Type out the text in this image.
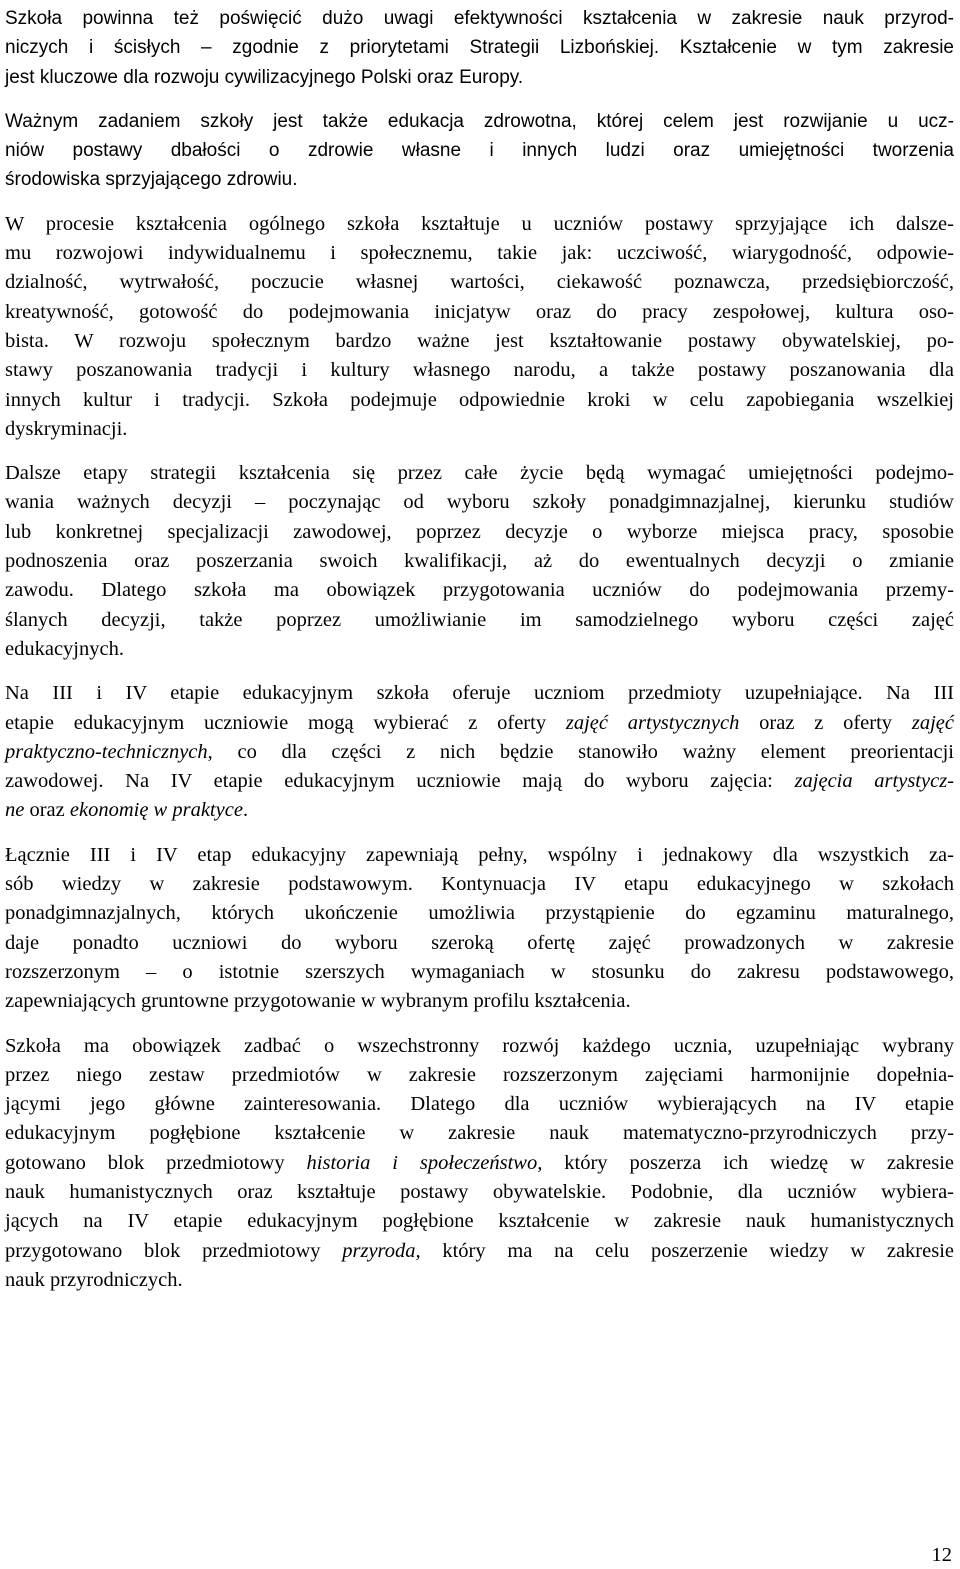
Szkoła powinna też poświęcić dużo uwagi efektywności kształcenia w zakresie nauk przyrod-
niczych i ścisłych – zgodnie z priorytetami Strategii Lizbońskiej. Kształcenie w tym zakresie
jest kluczowe dla rozwoju cywilizacyjnego Polski oraz Europy.

Ważnym zadaniem szkoły jest także edukacja zdrowotna, której celem jest rozwijanie u ucz-
niów postawy dbałości o zdrowie własne i innych ludzi oraz umiejętności tworzenia
środowiska sprzyjającego zdrowiu.

W procesie kształcenia ogólnego szkoła kształtuje u uczniów postawy sprzyjające ich dalsze-
mu rozwojowi indywidualnemu i społecznemu, takie jak: uczciwość, wiarygodność, odpowie-
dzialność, wytrwałość, poczucie własnej wartości, ciekawość poznawcza, przedsiębiorczość,
kreatywność, gotowość do podejmowania inicjatyw oraz do pracy zespołowej, kultura oso-
bista. W rozwoju społecznym bardzo ważne jest kształtowanie postawy obywatelskiej, po-
stawy poszanowania tradycji i kultury własnego narodu, a także postawy poszanowania dla
innych kultur i tradycji. Szkoła podejmuje odpowiednie kroki w celu zapobiegania wszelkiej
dyskryminacji.

Dalsze etapy strategii kształcenia się przez całe życie będą wymagać umiejętności podejmo-
wania ważnych decyzji – poczynając od wyboru szkoły ponadgimnazjalnej, kierunku studiów
lub konkretnej specjalizacji zawodowej, poprzez decyzje o wyborze miejsca pracy, sposobie
podnoszenia oraz poszerzania swoich kwalifikacji, aż do ewentualnych decyzji o zmianie
zawodu. Dlatego szkoła ma obowiązek przygotowania uczniów do podejmowania przemy-
ślanych decyzji, także poprzez umożliwianie im samodzielnego wyboru części zajęć
edukacyjnych.

Na III i IV etapie edukacyjnym szkoła oferuje uczniom przedmioty uzupełniające. Na III
etapie edukacyjnym uczniowie mogą wybierać z oferty zajęć artystycznych oraz z oferty zajęć
praktyczno-technicznych, co dla części z nich będzie stanowiło ważny element preorientacji
zawodowej. Na IV etapie edukacyjnym uczniowie mają do wyboru zajęcia: zajęcia artystycz-
ne oraz ekonomię w praktyce.

Łącznie III i IV etap edukacyjny zapewniają pełny, wspólny i jednakowy dla wszystkich za-
sób wiedzy w zakresie podstawowym. Kontynuacja IV etapu edukacyjnego w szkołach
ponadgimnazjalnych, których ukończenie umożliwia przystąpienie do egzaminu maturalnego,
daje ponadto uczniowi do wyboru szeroką ofertę zajęć prowadzonych w zakresie
rozszerzonym – o istotnie szerszych wymaganiach w stosunku do zakresu podstawowego,
zapewniających gruntowne przygotowanie w wybranym profilu kształcenia.

Szkoła ma obowiązek zadbać o wszechstronny rozwój każdego ucznia, uzupełniając wybrany
przez niego zestaw przedmiotów w zakresie rozszerzonym zajęciami harmonijnie dopełnia-
jącymi jego główne zainteresowania. Dlatego dla uczniów wybierających na IV etapie
edukacyjnym pogłębione kształcenie w zakresie nauk matematyczno-przyrodniczych przy-
gotowano blok przedmiotowy historia i społeczeństwo, który poszerza ich wiedzę w zakresie
nauk humanistycznych oraz kształtuje postawy obywatelskie. Podobnie, dla uczniów wybiera-
jących na IV etapie edukacyjnym pogłębione kształcenie w zakresie nauk humanistycznych
przygotowano blok przedmiotowy przyroda, który ma na celu poszerzenie wiedzy w zakresie
nauk przyrodniczych.

12
